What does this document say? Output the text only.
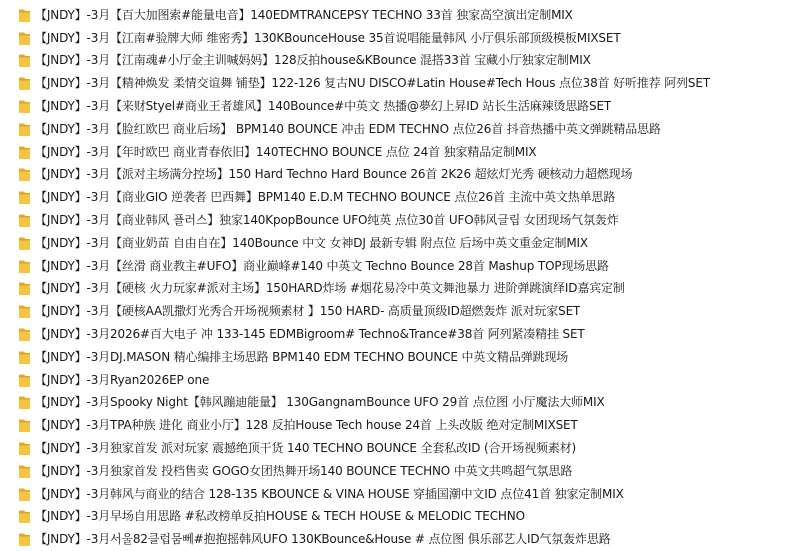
【JNDY】-3月【百大加图索#能量电音】140EDMTRANCEPSY TECHNO 33首 独家高空演出定制MIX
【JNDY】-3月【江南#验牌大师 维密秀】130KBounceHouse 35首说唱能量韩风 小厅俱乐部顶级模板MIXSET
【JNDY】-3月【江南魂#小厅金主训喊妈妈】128反拍house&KBounce 混搭33首 宝藏小厅独家定制MIX
【JNDY】-3月【精神焕发 柔情交谊舞 铺垫】122-126 复古NU DISCO#Latin House#Tech Hous 点位38首 好听推荐 阿列SET
【JNDY】-3月【来财Styel#商业王者雄风】140Bounce#中英文 热播@夢幻上昇ID 站长生活麻辣烫思路SET
【JNDY】-3月【脸红欧巴 商业后场】 BPM140 BOUNCE 冲击 EDM TECHNO 点位26首 抖音热播中英文弹跳精品思路
【JNDY】-3月【年时欧巴 商业青春依旧】140TECHNO BOUNCE 点位 24首 独家精品定制MIX
【JNDY】-3月【派对主场满分控场】150 Hard Techno Hard Bounce 26首 2K26 超炫灯光秀 硬核动力超燃现场
【JNDY】-3月【商业GIO 逆袭者 巴西舞】BPM140 E.D.M TECHNO BOUNCE 点位26首 主流中英文热单思路
【JNDY】-3月【商业韩风 플러스】独家140KpopBounce UFO纯英 点位30首 UFO韩风글립 女团现场气氛轰炸
【JNDY】-3月【商业奶苗 自由自在】140Bounce 中文 女神DJ 最新专辑 附点位 后场中英文重金定制MIX
【JNDY】-3月【丝滑 商业教主#UFO】商业巅峰#140 中英文 Techno Bounce 28首 Mashup TOP现场思路
【JNDY】-3月【硬核 火力玩家#派对主场】150HARD炸场 #烟花易冷中英文舞池暴力 进阶弹跳演绎ID嘉宾定制
【JNDY】-3月【硬核AA凯撒灯光秀合开场视频素材 】150 HARD- 高质量顶级ID超燃轰炸 派对玩家SET
【JNDY】-3月2026#百大电子 冲 133-145 EDMBigroom# Techno&Trance#38首 阿列紧凑精挂 SET
【JNDY】-3月DJ.MASON 精心编排主场思路 BPM140 EDM TECHNO BOUNCE 中英文精品弹跳现场
【JNDY】-3月Ryan2026EP one
【JNDY】-3月Spooky Night【韩风蹦迪能量】 130GangnamBounce UFO 29首 点位图 小厅魔法大师MIX
【JNDY】-3月TPA种族 进化 商业小厅】128 反拍House Tech house 24首 上头改版 绝对定制MIXSET
【JNDY】-3月独家首发 派对玩家 震撼绝顶干货 140 TECHNO BOUNCE 全套私改ID (合开场视频素材)
【JNDY】-3月独家首发 投档售卖 GOGO女团热舞开场140 BOUNCE TECHNO 中英文共鸣超气氛思路
【JNDY】-3月韩风与商业的结合 128-135 KBOUNCE & VINA HOUSE 穿插国潮中文ID 点位41首 独家定制MIX
【JNDY】-3月早场自用思路 #私改榜单反拍HOUSE & TECH HOUSE & MELODIC TECHNO
【JNDY】-3月서울82클럽뭄뻬#抱抱摇韩风UFO 130KBounce&House # 点位图 俱乐部艺人ID气氛轰炸思路
